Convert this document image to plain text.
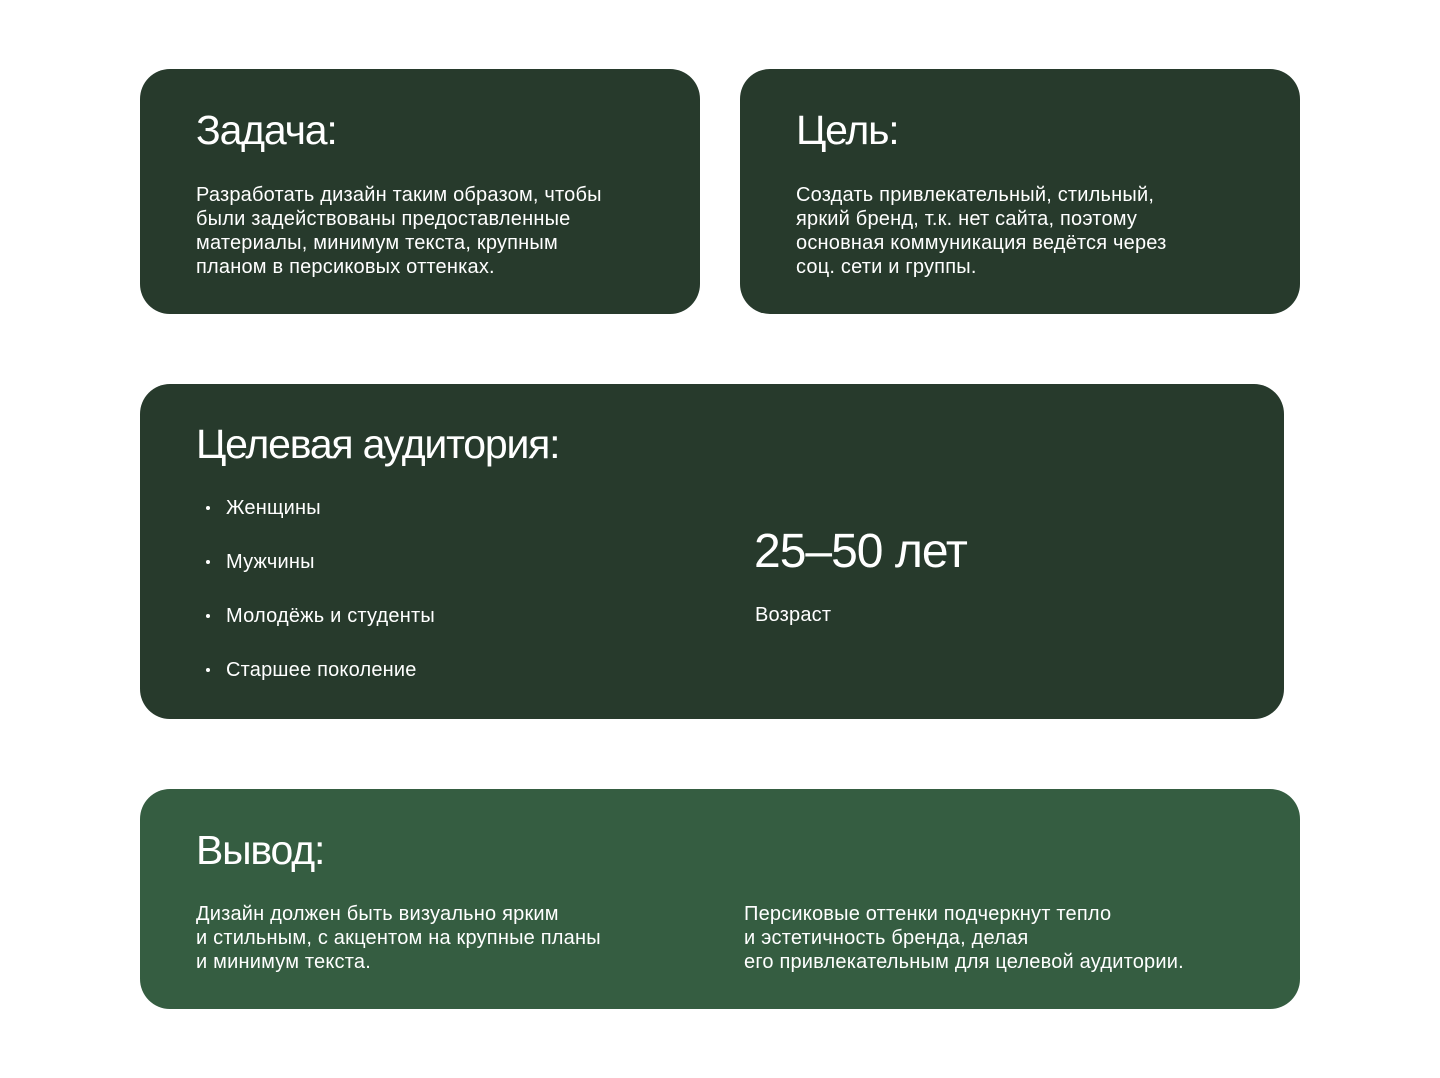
Задача:

Разработать дизайн таким образом, чтобы
были задействованы предоставленные
материалы, минимум текста, крупным
планом в персиковых оттенках.

Цель:

Создать привлекательный, стильный,
яркий бренд, т.к. нет сайта, поэтому
основная коммуникация ведётся через
соц. сети и группы.

Целевая аудитория:
Женщины
Мужчины
Молодёжь и студенты
Старшее поколение

25–50 лет

Возраст

Вывод:

Дизайн должен быть визуально ярким
и стильным, с акцентом на крупные планы
и минимум текста.

Персиковые оттенки подчеркнут тепло
и эстетичность бренда, делая
его привлекательным для целевой аудитории.
